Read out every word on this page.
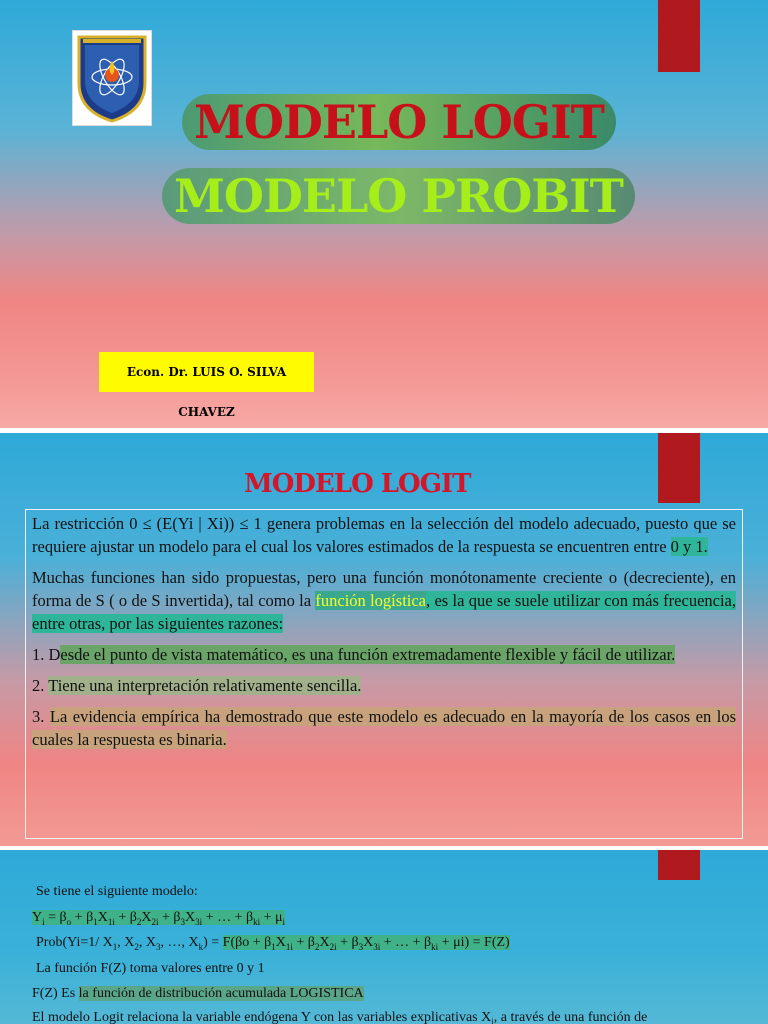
MODELO LOGIT
MODELO PROBIT
Econ. Dr. LUIS O. SILVA CHAVEZ
MODELO LOGIT

La restricción 0 ≤ (E(Yi | Xi)) ≤ 1 genera problemas en la selección del modelo adecuado, puesto que se requiere ajustar un modelo para el cual los valores estimados de la respuesta se encuentren entre 0 y 1.

Muchas funciones han sido propuestas, pero una función monótonamente creciente o (decreciente), en forma de S ( o de S invertida), tal como la función logística, es la que se suele utilizar con más frecuencia, entre otras, por las siguientes razones:

1. Desde el punto de vista matemático, es una función extremadamente flexible y fácil de utilizar.

2. Tiene una interpretación relativamente sencilla.

3. La evidencia empírica ha demostrado que este modelo es adecuado en la mayoría de los casos en los cuales la respuesta es binaria.

Se tiene el siguiente modelo:
$Y_i = \beta_o + \beta_1X_{1i} + \beta_2X_{2i} + \beta_3X_{3i}$ + … + $\beta_{ki} + \mu_i$
Prob(Yi=1/ $X_1$, $X_2$, $X_3$, …, $X_k) = F(\beta o + \beta_1X_{1i} + \beta_2X_{2i} + \beta_3X_{3i}$ + … + $\beta_{ki} + \mu i) = F(Z)$
La función F(Z) toma valores entre 0 y 1
F(Z) Es la función de distribución acumulada LOGISTICA
El modelo Logit relaciona la variable endógena Y con las variables explicativas $X_i$, a través de una función de
